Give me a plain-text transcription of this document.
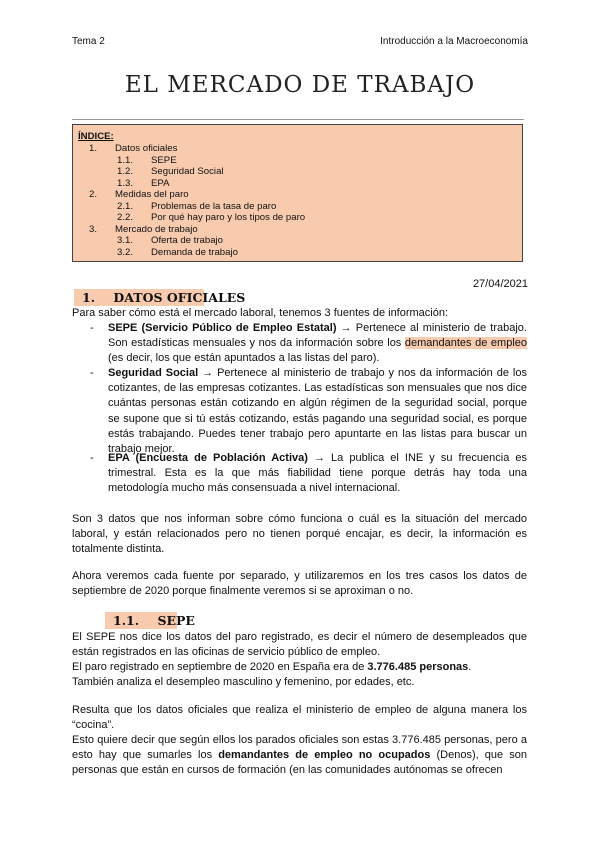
Tema 2	Introducción a la Macroeconomía
EL MERCADO DE TRABAJO
ÍNDICE:
1. Datos oficiales
1.1. SEPE
1.2. Seguridad Social
1.3. EPA
2. Medidas del paro
2.1. Problemas de la tasa de paro
2.2. Por qué hay paro y los tipos de paro
3. Mercado de trabajo
3.1. Oferta de trabajo
3.2. Demanda de trabajo
27/04/2021
1. DATOS OFICIALES
Para saber cómo está el mercado laboral, tenemos 3 fuentes de información:
- SEPE (Servicio Público de Empleo Estatal) → Pertenece al ministerio de trabajo. Son estadísticas mensuales y nos da información sobre los demandantes de empleo (es decir, los que están apuntados a las listas del paro).
- Seguridad Social → Pertenece al ministerio de trabajo y nos da información de los cotizantes, de las empresas cotizantes. Las estadísticas son mensuales que nos dice cuántas personas están cotizando en algún régimen de la seguridad social, porque se supone que si tú estás cotizando, estás pagando una seguridad social, es porque estás trabajando. Puedes tener trabajo pero apuntarte en las listas para buscar un trabajo mejor.
- EPA (Encuesta de Población Activa) → La publica el INE y su frecuencia es trimestral. Esta es la que más fiabilidad tiene porque detrás hay toda una metodología mucho más consensuada a nivel internacional.
Son 3 datos que nos informan sobre cómo funciona o cuál es la situación del mercado laboral, y están relacionados pero no tienen porqué encajar, es decir, la información es totalmente distinta.
Ahora veremos cada fuente por separado, y utilizaremos en los tres casos los datos de septiembre de 2020 porque finalmente veremos si se aproximan o no.
1.1. SEPE
El SEPE nos dice los datos del paro registrado, es decir el número de desempleados que están registrados en las oficinas de servicio público de empleo.
El paro registrado en septiembre de 2020 en España era de 3.776.485 personas.
También analiza el desempleo masculino y femenino, por edades, etc.
Resulta que los datos oficiales que realiza el ministerio de empleo de alguna manera los “cocina”.
Esto quiere decir que según ellos los parados oficiales son estas 3.776.485 personas, pero a esto hay que sumarles los demandantes de empleo no ocupados (Denos), que son personas que están en cursos de formación (en las comunidades autónomas se ofrecen
